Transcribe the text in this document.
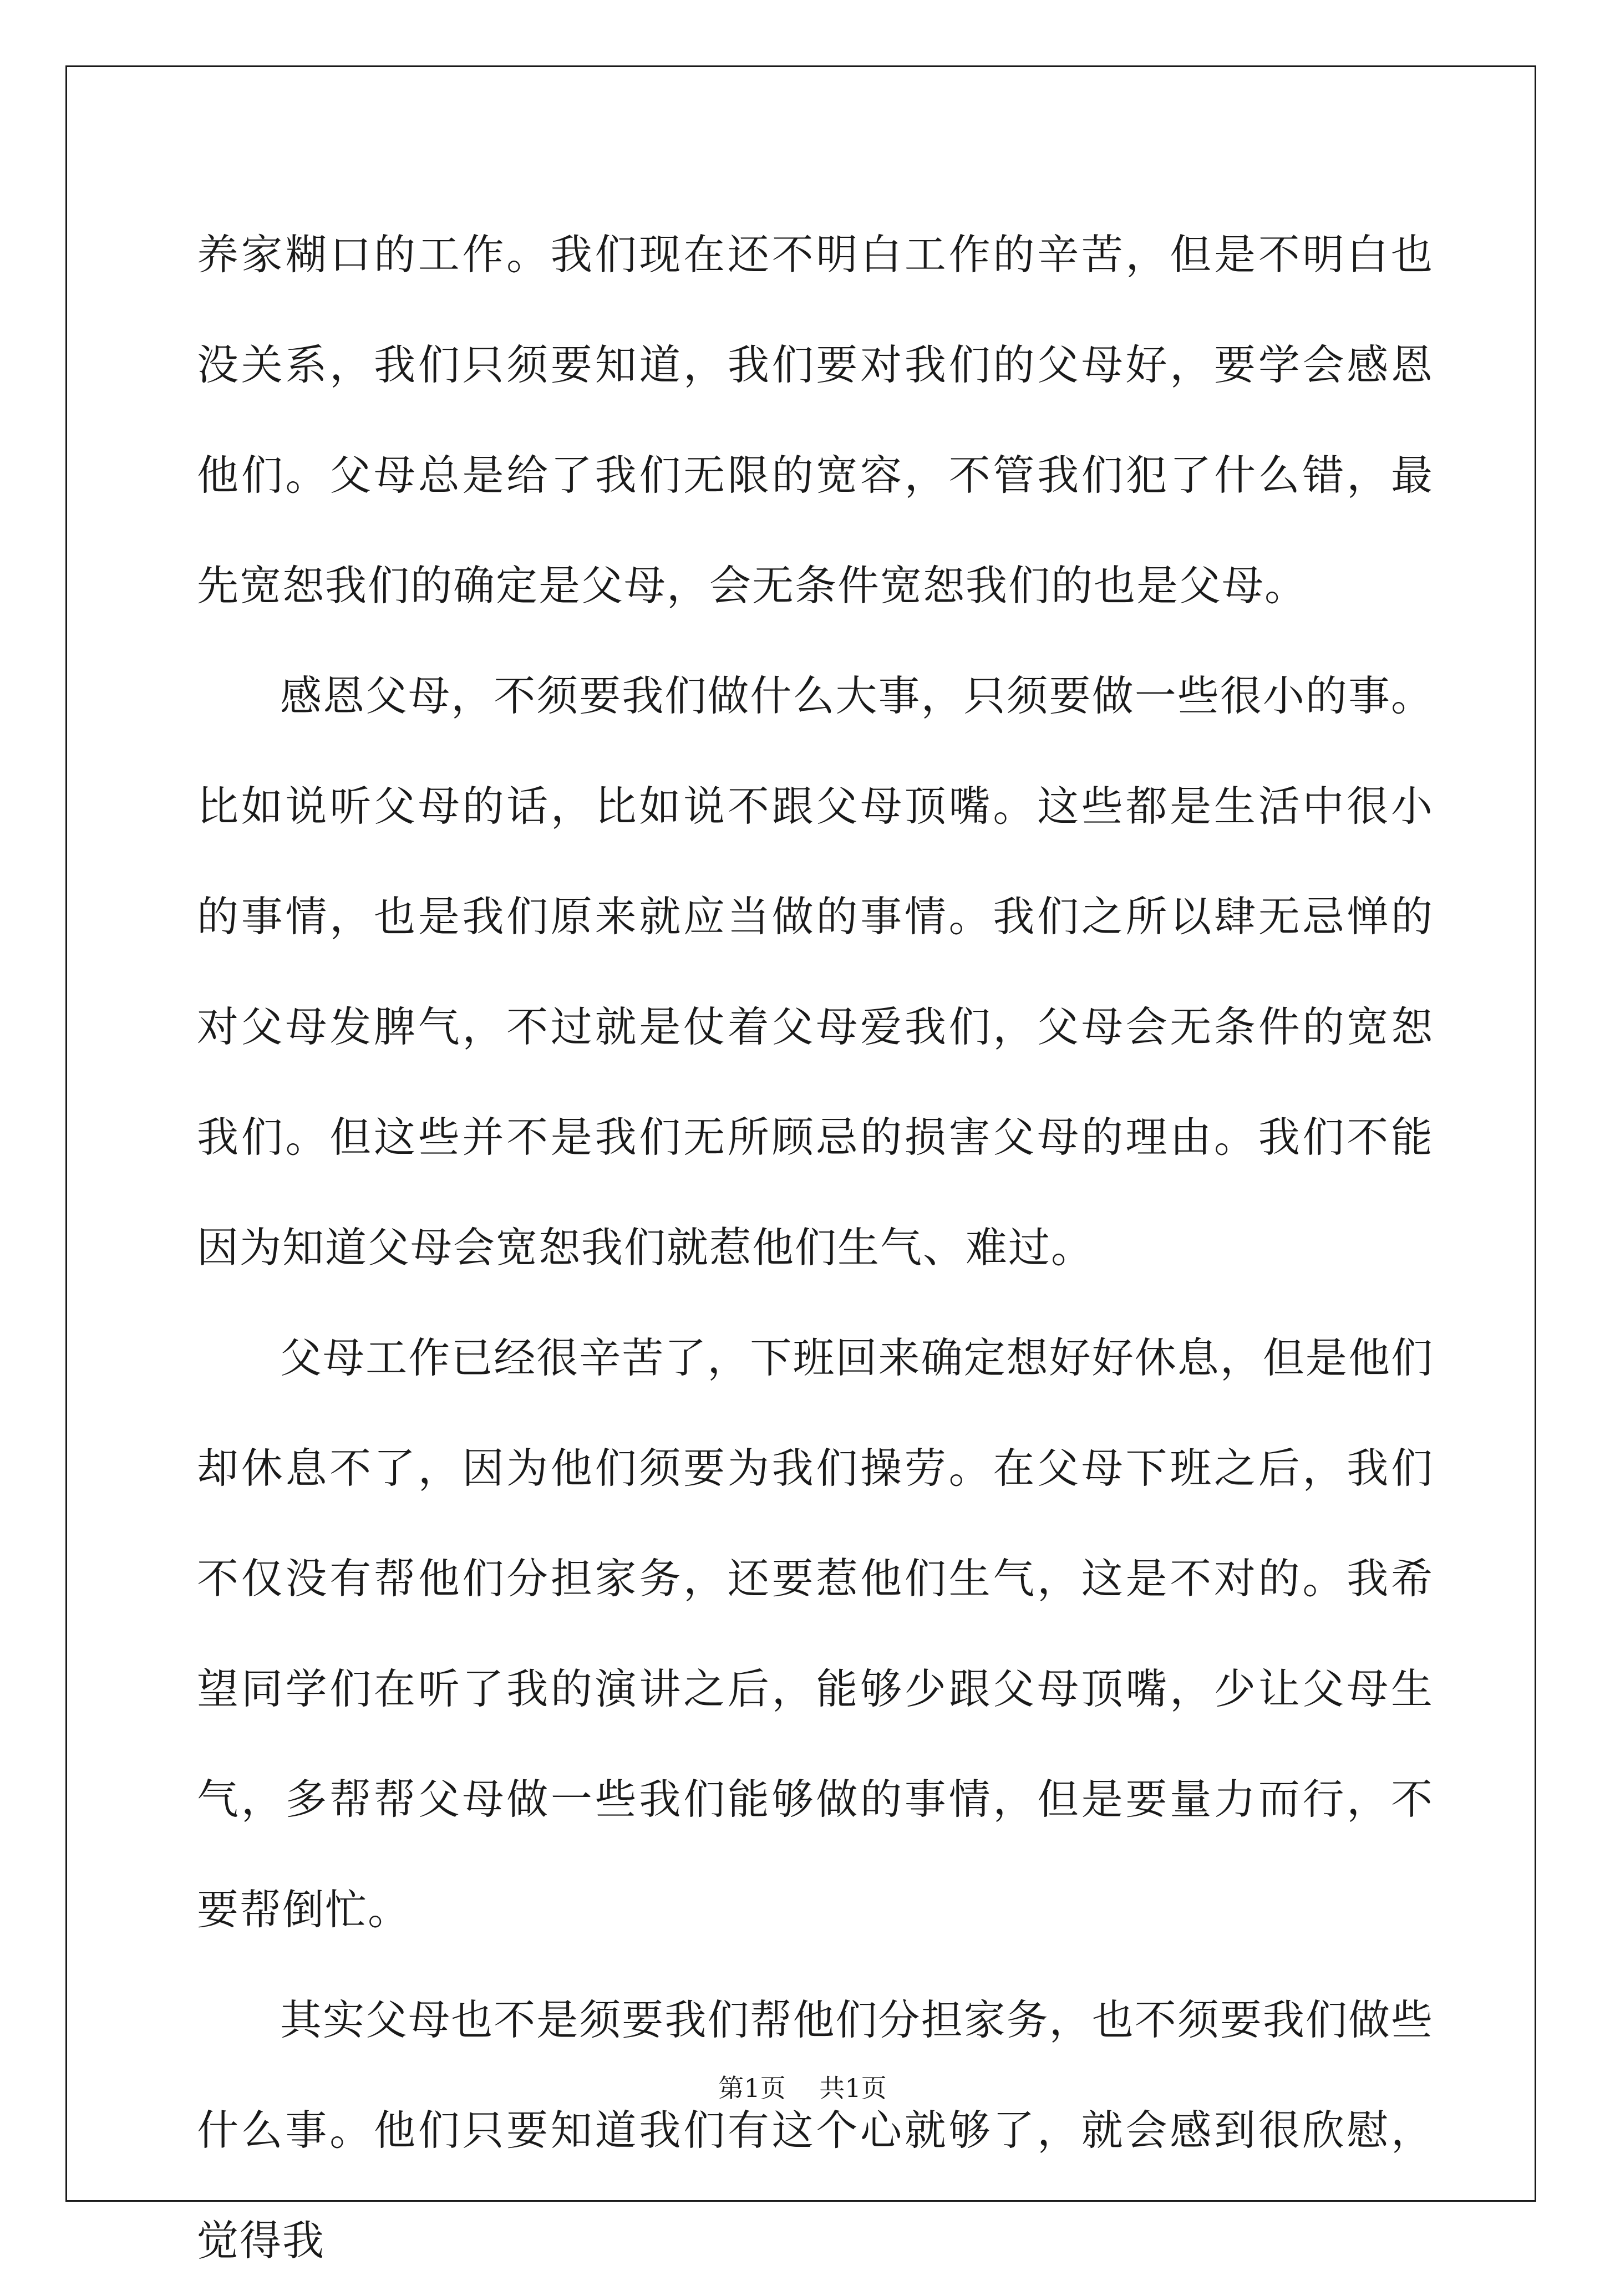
养家糊口的工作。我们现在还不明白工作的辛苦，但是不明白也没关系，我们只须要知道，我们要对我们的父母好，要学会感恩他们。父母总是给了我们无限的宽容，不管我们犯了什么错，最先宽恕我们的确定是父母，会无条件宽恕我们的也是父母。

感恩父母，不须要我们做什么大事，只须要做一些很小的事。比如说听父母的话，比如说不跟父母顶嘴。这些都是生活中很小的事情，也是我们原来就应当做的事情。我们之所以肆无忌惮的对父母发脾气，不过就是仗着父母爱我们，父母会无条件的宽恕我们。但这些并不是我们无所顾忌的损害父母的理由。我们不能因为知道父母会宽恕我们就惹他们生气、难过。

父母工作已经很辛苦了，下班回来确定想好好休息，但是他们却休息不了，因为他们须要为我们操劳。在父母下班之后，我们不仅没有帮他们分担家务，还要惹他们生气，这是不对的。我希望同学们在听了我的演讲之后，能够少跟父母顶嘴，少让父母生气，多帮帮父母做一些我们能够做的事情，但是要量力而行，不要帮倒忙。

其实父母也不是须要我们帮他们分担家务，也不须要我们做些什么事。他们只要知道我们有这个心就够了，就会感到很欣慰，觉得我

第1页 共1页
